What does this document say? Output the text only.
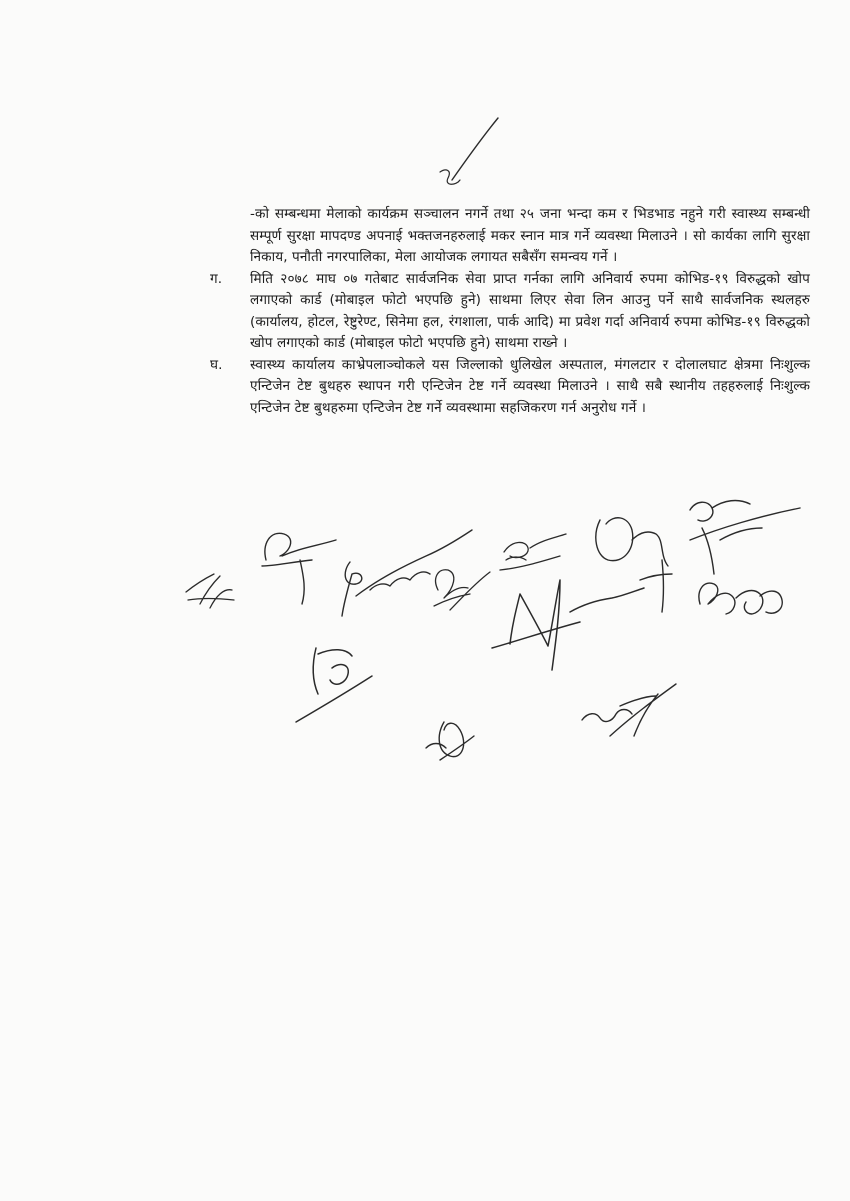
-को सम्बन्धमा मेलाको कार्यक्रम सञ्चालन नगर्ने तथा २५ जना भन्दा कम र भिडभाड नहुने गरी स्वास्थ्य सम्बन्धी सम्पूर्ण सुरक्षा मापदण्ड अपनाई भक्तजनहरुलाई मकर स्नान मात्र गर्ने व्यवस्था मिलाउने । सो कार्यका लागि सुरक्षा निकाय, पनौती नगरपालिका, मेला आयोजक लगायत सबैसँग समन्वय गर्ने ।

ग.	मिति २०७८ माघ ०७ गतेबाट सार्वजनिक सेवा प्राप्त गर्नका लागि अनिवार्य रुपमा कोभिड-१९ विरुद्धको खोप लगाएको कार्ड (मोबाइल फोटो भएपछि हुने) साथमा लिएर सेवा लिन आउनु पर्ने साथै सार्वजनिक स्थलहरु (कार्यालय, होटल, रेष्टुरेण्ट, सिनेमा हल, रंगशाला, पार्क आदि) मा प्रवेश गर्दा अनिवार्य रुपमा कोभिड-१९ विरुद्धको खोप लगाएको कार्ड (मोबाइल फोटो भएपछि हुने) साथमा राख्ने ।
घ.	स्वास्थ्य कार्यालय काभ्रेपलाञ्चोकले यस जिल्लाको धुलिखेल अस्पताल, मंगलटार र दोलालघाट क्षेत्रमा निःशुल्क एन्टिजेन टेष्ट बुथहरु स्थापन गरी एन्टिजेन टेष्ट गर्ने व्यवस्था मिलाउने । साथै सबै स्थानीय तहहरुलाई निःशुल्क एन्टिजेन टेष्ट बुथहरुमा एन्टिजेन टेष्ट गर्ने व्यवस्थामा सहजिकरण गर्न अनुरोध गर्ने ।
